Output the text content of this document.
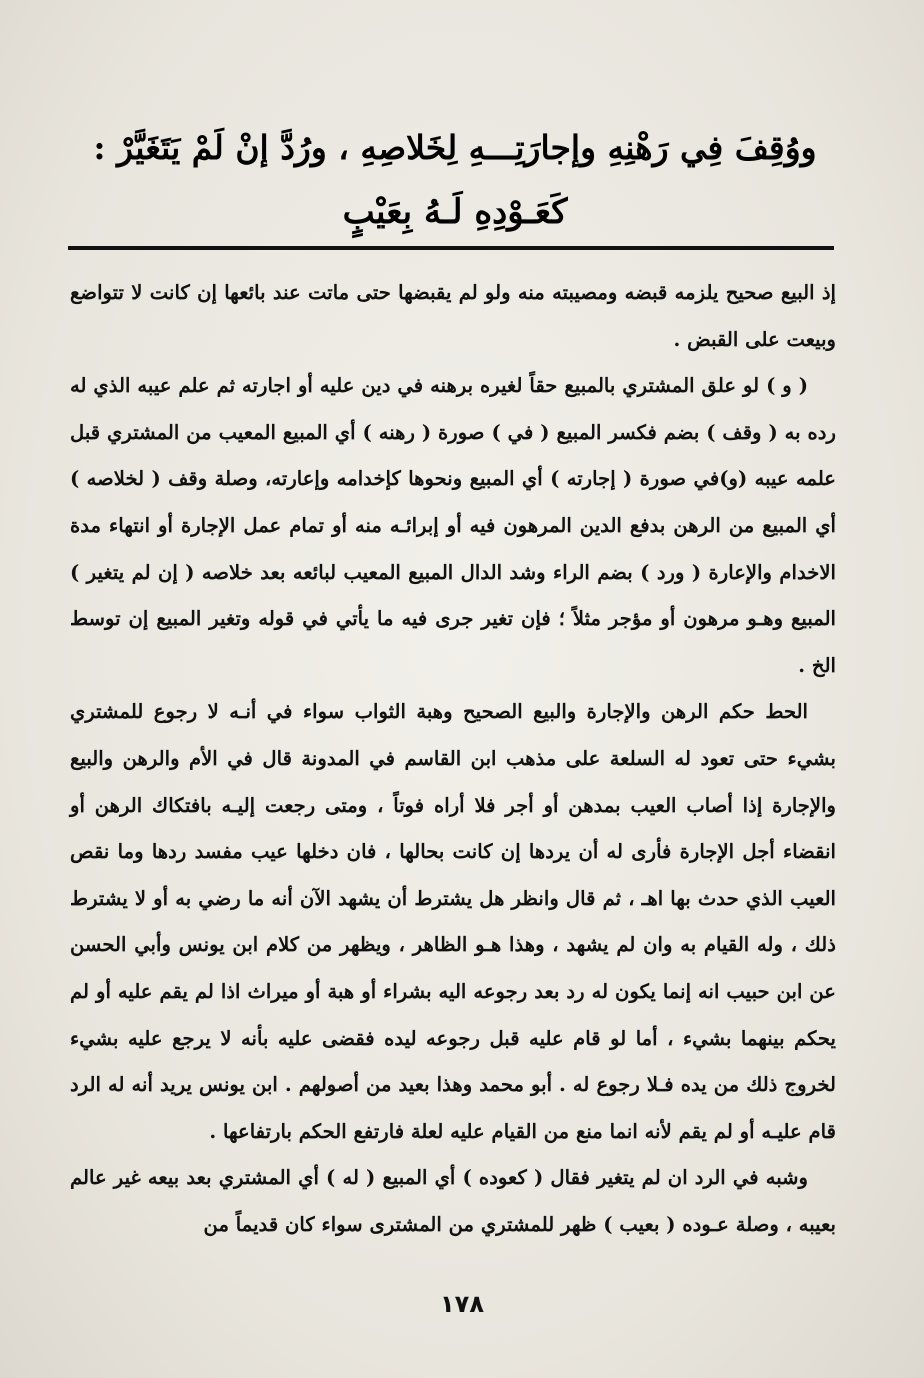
ووُقِفَ فِي رَهْنِهِ وإجارَتِـــهِ لِخَلاصِهِ ، ورُدَّ إنْ لَمْ يَتَغَيَّرْ :
كَعَـوْدِهِ لَـهُ بِعَيْبٍ

إذ البيع صحيح يلزمه قبضه ومصيبته منه ولو لم يقبضها حتى ماتت عند بائعها إن كانت لا تتواضع وبيعت على القبض .

( و ) لو علق المشتري بالمبيع حقاً لغيره برهنه في دين عليه أو اجارته ثم علم عيبه الذي له رده به ( وقف ) بضم فكسر المبيع ( في ) صورة ( رهنه ) أي المبيع المعيب من المشتري قبل علمه عيبه (و)في صورة ( إجارته ) أي المبيع ونحوها كإخدامه وإعارته، وصلة وقف ( لخلاصه ) أي المبيع من الرهن بدفع الدين المرهون فيه أو إبرائـه منه أو تمام عمل الإجارة أو انتهاء مدة الاخدام والإعارة ( ورد ) بضم الراء وشد الدال المبيع المعيب لبائعه بعد خلاصه ( إن لم يتغير ) المبيع وهـو مرهون أو مؤجر مثلاً ؛ فإن تغير جرى فيه ما يأتي في قوله وتغير المبيع إن توسط الخ .

الحط حكم الرهن والإجارة والبيع الصحيح وهبة الثواب سواء في أنـه لا رجوع للمشتري بشيء حتى تعود له السلعة على مذهب ابن القاسم في المدونة قال في الأم والرهن والبيع والإجارة إذا أصاب العيب بمدهن أو أجر فلا أراه فوتاً ، ومتى رجعت إليـه بافتكاك الرهن أو انقضاء أجل الإجارة فأرى له أن يردها إن كانت بحالها ، فان دخلها عيب مفسد ردها وما نقص العيب الذي حدث بها اهـ ، ثم قال وانظر هل يشترط أن يشهد الآن أنه ما رضي به أو لا يشترط ذلك ، وله القيام به وان لم يشهد ، وهذا هـو الظاهر ، ويظهر من كلام ابن يونس وأبي الحسن عن ابن حبيب انه إنما يكون له رد بعد رجوعه اليه بشراء أو هبة أو ميراث اذا لم يقم عليه أو لم يحكم بينهما بشيء ، أما لو قام عليه قبل رجوعه ليده فقضى عليه بأنه لا يرجع عليه بشيء لخروج ذلك من يده فـلا رجوع له . أبو محمد وهذا بعيد من أصولهم . ابن يونس يريد أنه له الرد قام عليـه أو لم يقم لأنه انما منع من القيام عليه لعلة فارتفع الحكم بارتفاعها .

وشبه في الرد ان لم يتغير فقال ( كعوده ) أي المبيع ( له ) أي المشتري بعد بيعه غير عالم بعيبه ، وصلة عـوده ( بعيب ) ظهر للمشتري من المشترى سواء كان قديماً من

١٧٨
